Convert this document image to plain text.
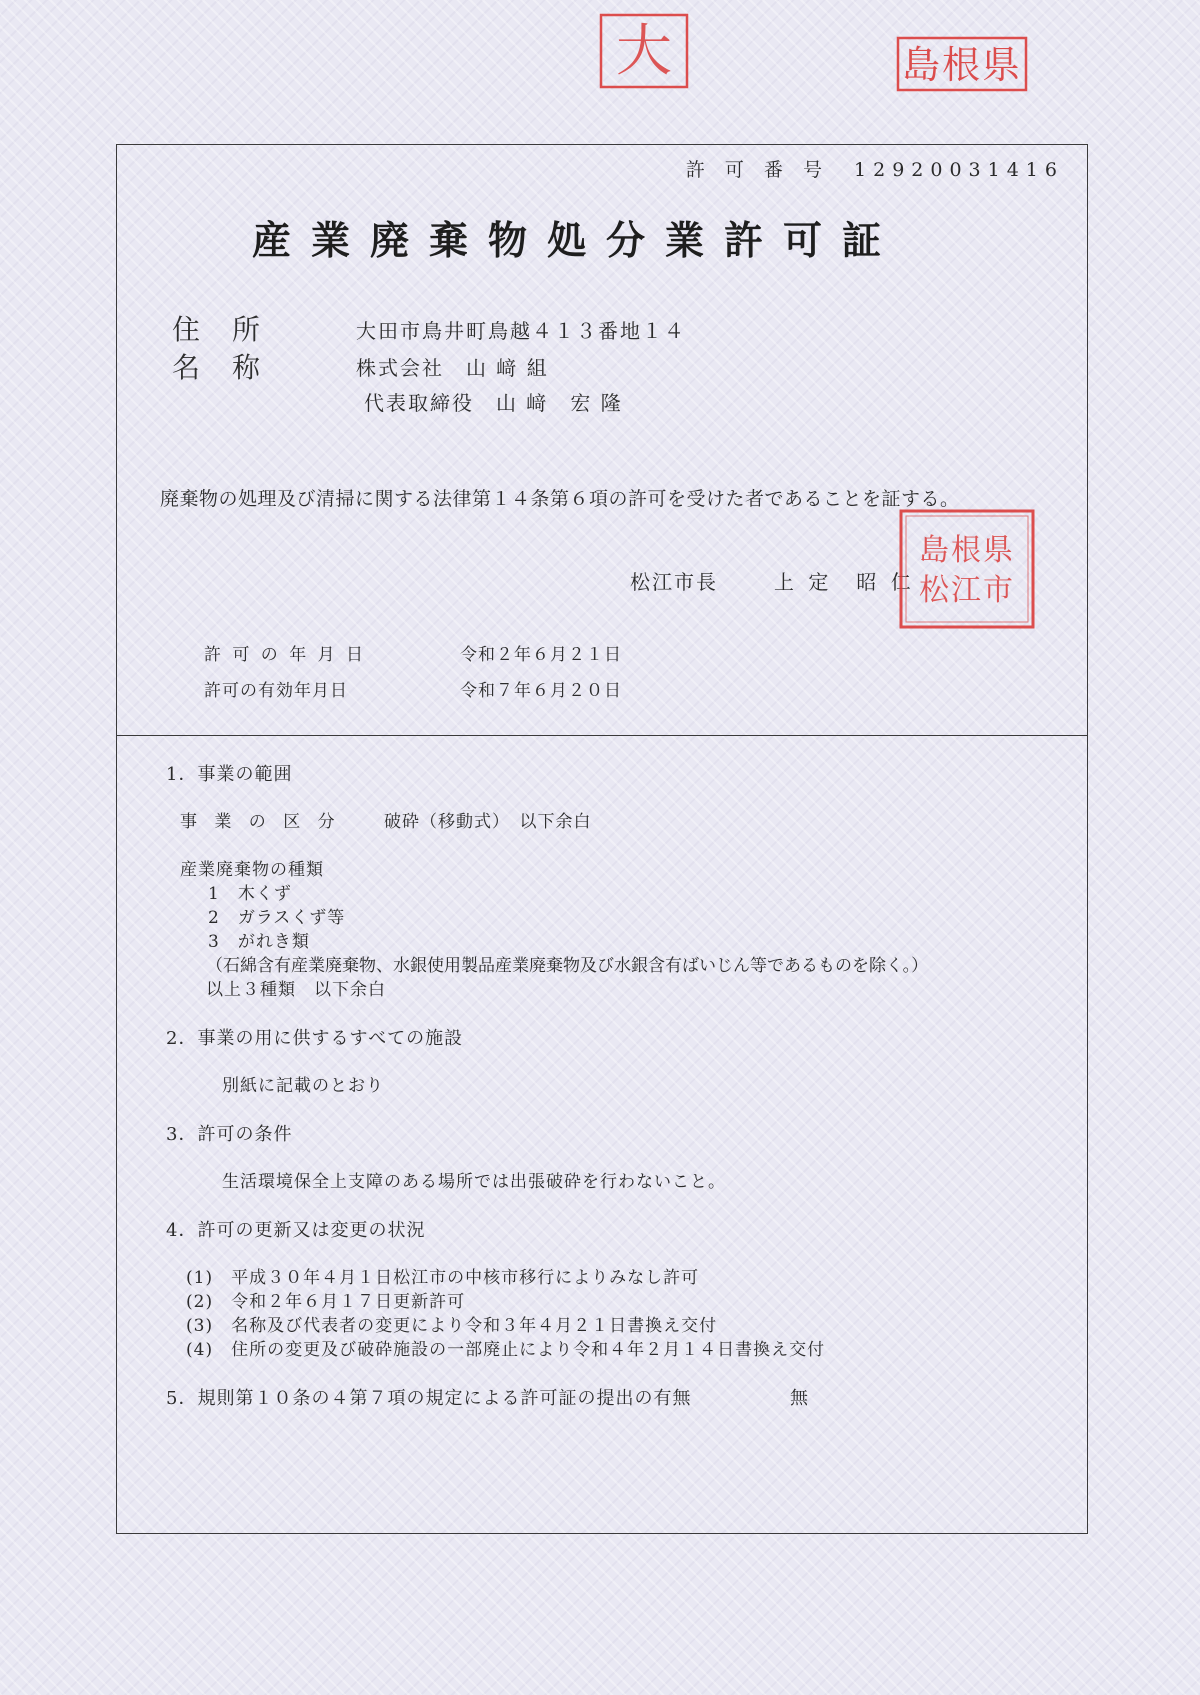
大	島根県
許 可 番 号 12920031416
産業廃棄物処分業許可証
住　所	大田市鳥井町鳥越４１３番地１４
名　称	株式会社　山 﨑 組
代表取締役　山 﨑　宏 隆
廃棄物の処理及び清掃に関する法律第１４条第６項の許可を受けた者であることを証する。
松江市長	上 定　昭 仁
島根県
松江市
許 可 の 年 月 日	令和２年６月２１日
許可の有効年月日	令和７年６月２０日
1．事業の範囲
事 業 の 区 分	破砕（移動式）　以下余白
産業廃棄物の種類
1　木くず
2　ガラスくず等
3　がれき類
（石綿含有産業廃棄物、水銀使用製品産業廃棄物及び水銀含有ばいじん等であるものを除く。）
以上３種類　以下余白
2．事業の用に供するすべての施設
別紙に記載のとおり
3．許可の条件
生活環境保全上支障のある場所では出張破砕を行わないこと。
4．許可の更新又は変更の状況
(1)　平成３０年４月１日松江市の中核市移行によりみなし許可
(2)　令和２年６月１７日更新許可
(3)　名称及び代表者の変更により令和３年４月２１日書換え交付
(4)　住所の変更及び破砕施設の一部廃止により令和４年２月１４日書換え交付
5．規則第１０条の４第７項の規定による許可証の提出の有無	無
